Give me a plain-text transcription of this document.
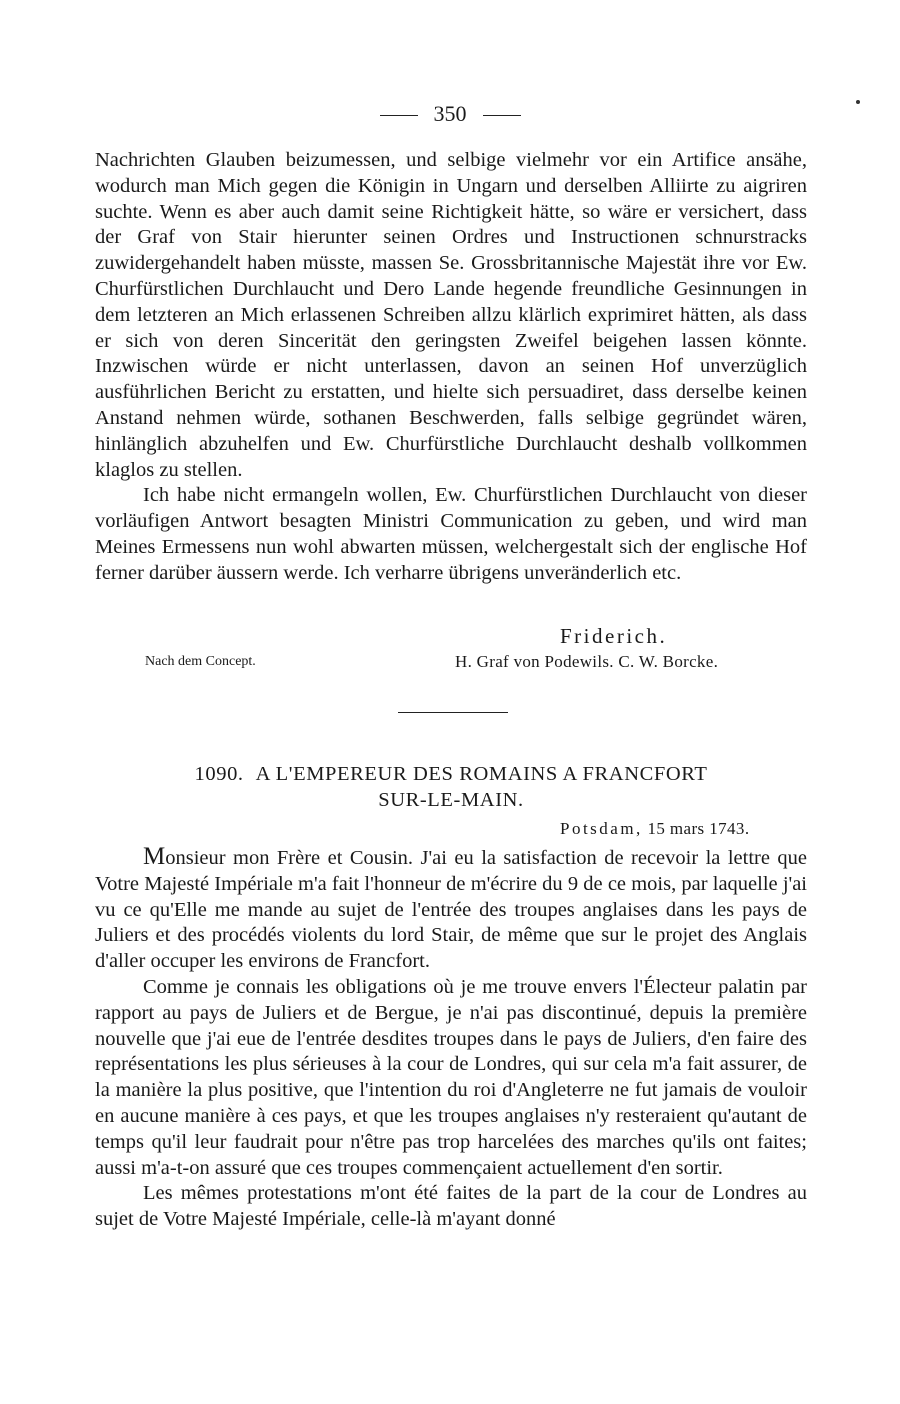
350

Nachrichten Glauben beizumessen, und selbige vielmehr vor ein Artifice ansähe, wodurch man Mich gegen die Königin in Ungarn und derselben Alliirte zu aigriren suchte. Wenn es aber auch damit seine Richtigkeit hätte, so wäre er versichert, dass der Graf von Stair hierunter seinen Ordres und Instructionen schnurstracks zuwidergehandelt haben müsste, massen Se. Grossbritannische Majestät ihre vor Ew. Churfürstlichen Durchlaucht und Dero Lande hegende freundliche Gesinnungen in dem letzteren an Mich erlassenen Schreiben allzu klärlich exprimiret hätten, als dass er sich von deren Sincerität den geringsten Zweifel beigehen lassen könnte. Inzwischen würde er nicht unterlassen, davon an seinen Hof unverzüglich ausführlichen Bericht zu erstatten, und hielte sich persuadiret, dass derselbe keinen Anstand nehmen würde, sothanen Beschwerden, falls selbige gegründet wären, hinlänglich abzuhelfen und Ew. Churfürstliche Durchlaucht deshalb vollkommen klaglos zu stellen.

Ich habe nicht ermangeln wollen, Ew. Churfürstlichen Durchlaucht von dieser vorläufigen Antwort besagten Ministri Communication zu geben, und wird man Meines Ermessens nun wohl abwarten müssen, welchergestalt sich der englische Hof ferner darüber äussern werde. Ich verharre übrigens unveränderlich etc.

Friderich.
Nach dem Concept.	H. Graf von Podewils. C. W. Borcke.
1090. A L'EMPEREUR DES ROMAINS A FRANCFORT
SUR-LE-MAIN.
Potsdam, 15 mars 1743.

Monsieur mon Frère et Cousin. J'ai eu la satisfaction de recevoir la lettre que Votre Majesté Impériale m'a fait l'honneur de m'écrire du 9 de ce mois, par laquelle j'ai vu ce qu'Elle me mande au sujet de l'entrée des troupes anglaises dans les pays de Juliers et des procédés violents du lord Stair, de même que sur le projet des Anglais d'aller occuper les environs de Francfort.

Comme je connais les obligations où je me trouve envers l'Électeur palatin par rapport au pays de Juliers et de Bergue, je n'ai pas discontinué, depuis la première nouvelle que j'ai eue de l'entrée desdites troupes dans le pays de Juliers, d'en faire des représentations les plus sérieuses à la cour de Londres, qui sur cela m'a fait assurer, de la manière la plus positive, que l'intention du roi d'Angleterre ne fut jamais de vouloir en aucune manière à ces pays, et que les troupes anglaises n'y resteraient qu'autant de temps qu'il leur faudrait pour n'être pas trop harcelées des marches qu'ils ont faites; aussi m'a-t-on assuré que ces troupes commençaient actuellement d'en sortir.

Les mêmes protestations m'ont été faites de la part de la cour de Londres au sujet de Votre Majesté Impériale, celle-là m'ayant donné
